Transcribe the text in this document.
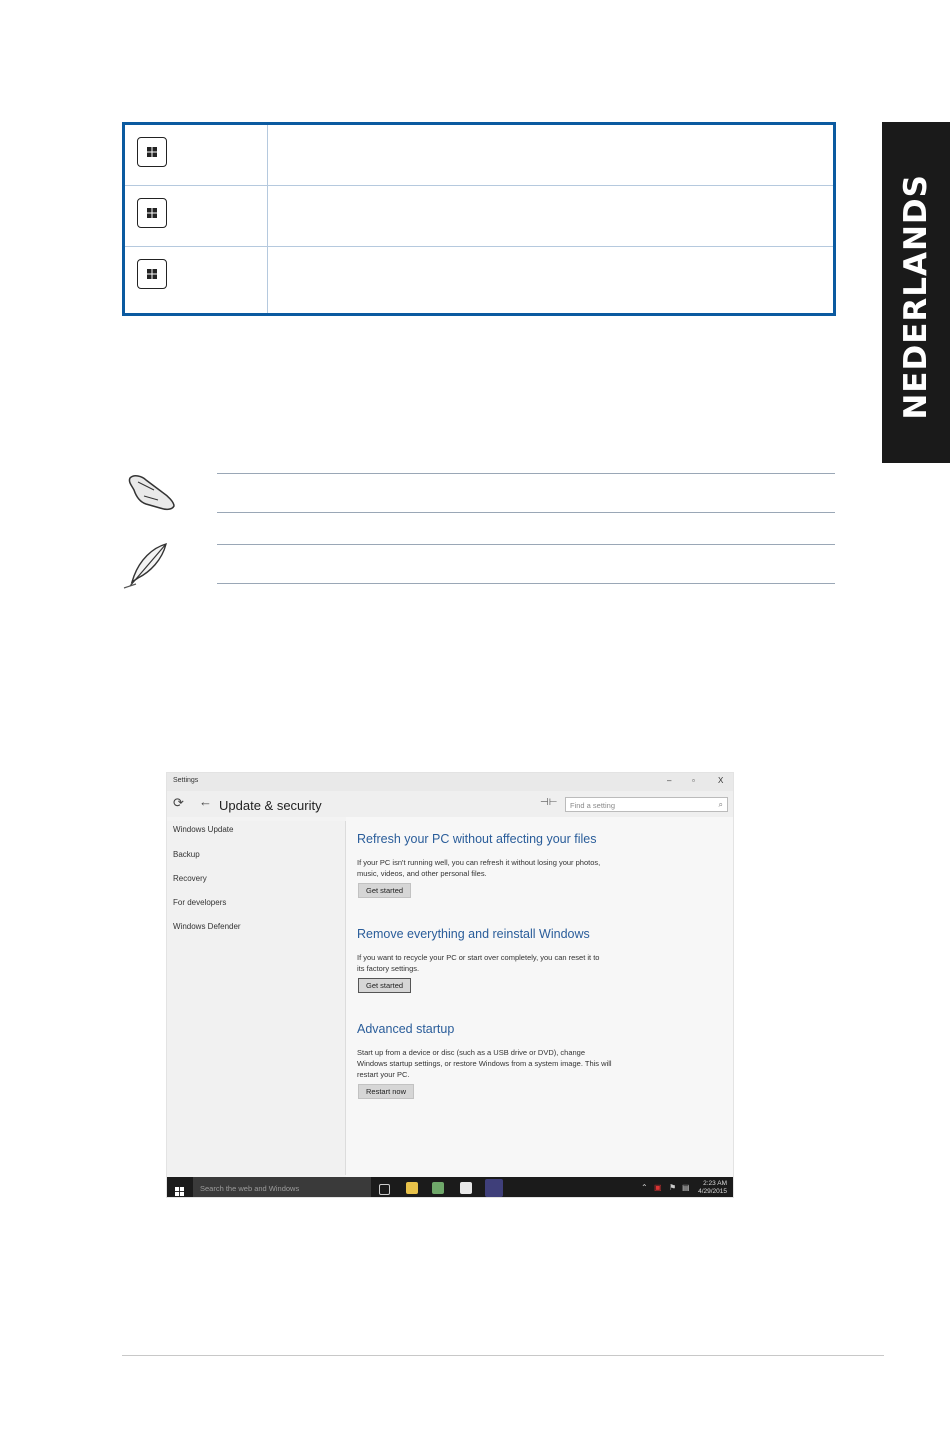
NEDERLANDS
Settings	–	▫	X
⟳ ← Update & security	⊣⊢ Find a setting	⌕
Windows Update
Backup
Recovery
For developers
Windows Defender
Refresh your PC without affecting your files
If your PC isn't running well, you can refresh it without losing your photos, music, videos, and other personal files.
Get started
Remove everything and reinstall Windows
If you want to recycle your PC or start over completely, you can reset it to its factory settings.
Get started
Advanced startup
Start up from a device or disc (such as a USB drive or DVD), change Windows startup settings, or restore Windows from a system image. This will restart your PC.
Restart now
Search the web and Windows	⌃ ▣ ⚑ ▤	2:23 AM
4/29/2015
